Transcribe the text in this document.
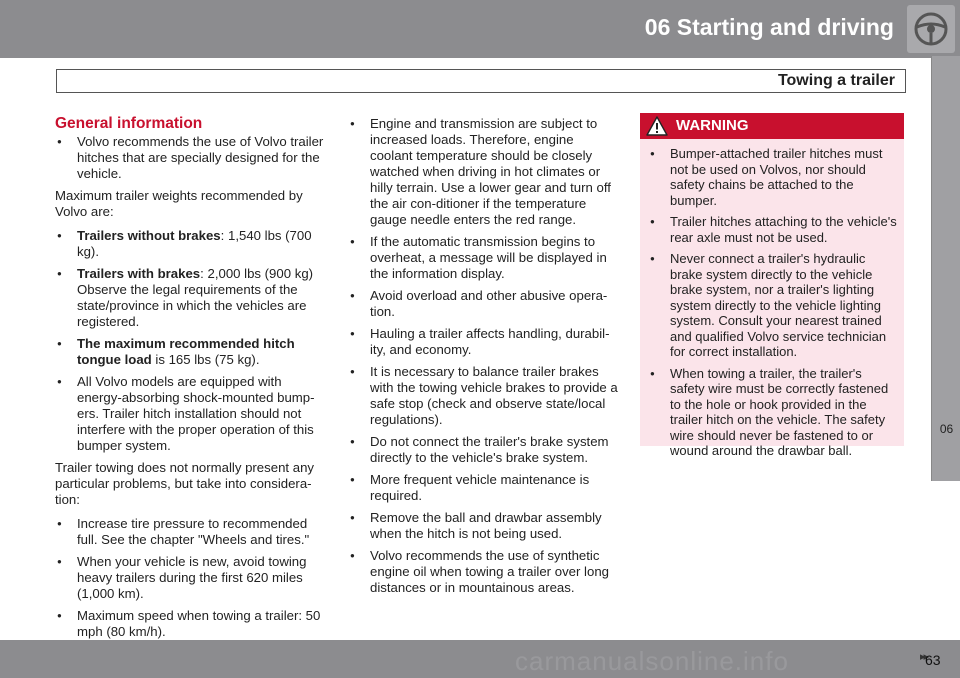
06 Starting and driving
Towing a trailer
06
General information
● Volvo recommends the use of Volvo trailer hitches that are specially designed for the vehicle.

Maximum trailer weights recommended by Volvo are:

● Trailers without brakes: 1,540 lbs (700 kg).
● Trailers with brakes: 2,000 lbs (900 kg) Observe the legal requirements of the state/province in which the vehicles are registered.
● The maximum recommended hitch tongue load is 165 lbs (75 kg).
● All Volvo models are equipped with energy-absorbing shock-mounted bump-ers. Trailer hitch installation should not interfere with the proper operation of this bumper system.

Trailer towing does not normally present any particular problems, but take into considera-tion:

● Increase tire pressure to recommended full. See the chapter "Wheels and tires."
● When your vehicle is new, avoid towing heavy trailers during the first 620 miles (1,000 km).
● Maximum speed when towing a trailer: 50 mph (80 km/h).
● Engine and transmission are subject to increased loads. Therefore, engine coolant temperature should be closely watched when driving in hot climates or hilly terrain. Use a lower gear and turn off the air con-ditioner if the temperature gauge needle enters the red range.
● If the automatic transmission begins to overheat, a message will be displayed in the information display.
● Avoid overload and other abusive opera-tion.
● Hauling a trailer affects handling, durabil-ity, and economy.
● It is necessary to balance trailer brakes with the towing vehicle brakes to provide a safe stop (check and observe state/local regulations).
● Do not connect the trailer's brake system directly to the vehicle's brake system.
● More frequent vehicle maintenance is required.
● Remove the ball and drawbar assembly when the hitch is not being used.
● Volvo recommends the use of synthetic engine oil when towing a trailer over long distances or in mountainous areas.
WARNING
● Bumper-attached trailer hitches must not be used on Volvos, nor should safety chains be attached to the bumper.
● Trailer hitches attaching to the vehicle's rear axle must not be used.
● Never connect a trailer's hydraulic brake system directly to the vehicle brake system, nor a trailer's lighting system directly to the vehicle lighting system. Consult your nearest trained and qualified Volvo service technician for correct installation.
● When towing a trailer, the trailer's safety wire must be correctly fastened to the hole or hook provided in the trailer hitch on the vehicle. The safety wire should never be fastened to or wound around the drawbar ball.
carmanualsonline.info	▸▸
63
